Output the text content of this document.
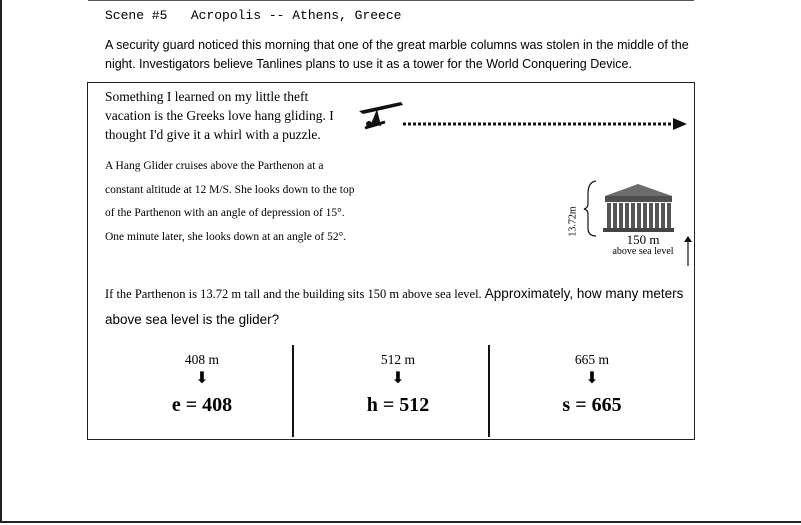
Scene #5 Acropolis -- Athens, Greece
A security guard noticed this morning that one of the great marble columns was stolen in the middle of the night. Investigators believe Tanlines plans to use it as a tower for the World Conquering Device.
Something I learned on my little theft vacation is the Greeks love hang gliding. I thought I'd give it a whirl with a puzzle.
A Hang Glider cruises above the Parthenon at a constant altitude at 12 M/S. She looks down to the top of the Parthenon with an angle of depression of 15°. One minute later, she looks down at an angle of 52°.	13.72m
150 m
above sea level
If the Parthenon is 13.72 m tall and the building sits 150 m above sea level. Approximately, how many meters above sea level is the glider?
408 m
⬇
e = 408
512 m
⬇
h = 512
665 m
⬇
s = 665
